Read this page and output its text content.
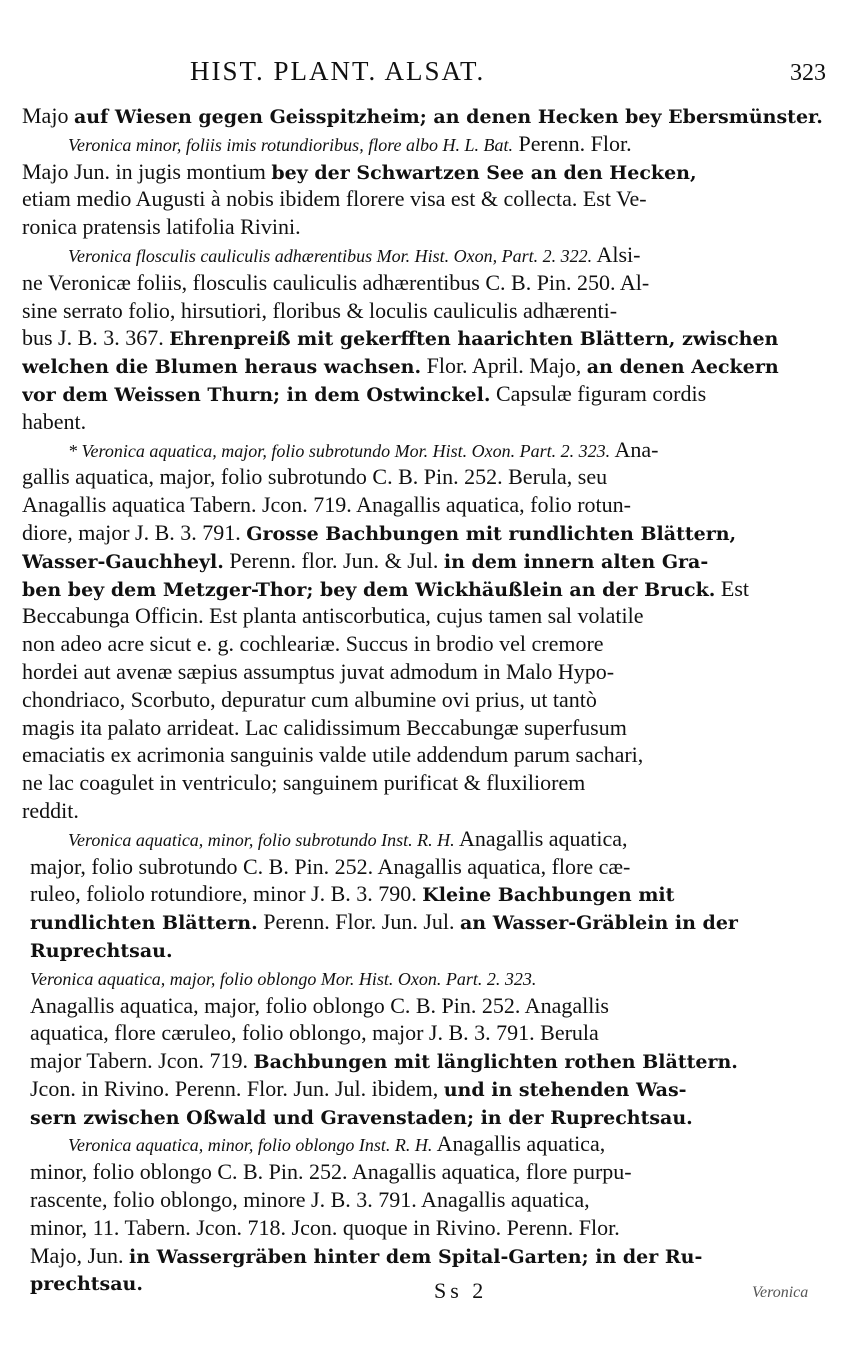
HIST. PLANT. ALSAT.	323
Majo auf Wiesen gegen Geisspitzheim; an denen Hecken bey Ebersmünster.
Veronica minor, foliis imis rotundioribus, flore albo H. L. Bat. Perenn. Flor.
Majo Jun. in jugis montium bey der Schwartzen See an den Hecken,
etiam medio Augusti à nobis ibidem florere visa est & collecta. Est Ve-
ronica pratensis latifolia Rivini.
Veronica flosculis cauliculis adhærentibus Mor. Hist. Oxon, Part. 2. 322. Alsi-
ne Veronicæ foliis, flosculis cauliculis adhærentibus C. B. Pin. 250. Al-
sine serrato folio, hirsutiori, floribus & loculis cauliculis adhærenti-
bus J. B. 3. 367. Ehrenpreiß mit gekerfften haarichten Blättern, zwischen
welchen die Blumen heraus wachsen. Flor. April. Majo, an denen Aeckern
vor dem Weissen Thurn; in dem Ostwinckel. Capsulæ figuram cordis
habent.
* Veronica aquatica, major, folio subrotundo Mor. Hist. Oxon. Part. 2. 323. Ana-
gallis aquatica, major, folio subrotundo C. B. Pin. 252. Berula, seu
Anagallis aquatica Tabern. Jcon. 719. Anagallis aquatica, folio rotun-
diore, major J. B. 3. 791. Grosse Bachbungen mit rundlichten Blättern,
Wasser-Gauchheyl. Perenn. flor. Jun. & Jul. in dem innern alten Gra-
ben bey dem Metzger-Thor; bey dem Wickhäußlein an der Bruck. Est
Beccabunga Officin. Est planta antiscorbutica, cujus tamen sal volatile
non adeo acre sicut e. g. cochleariæ. Succus in brodio vel cremore
hordei aut avenæ sæpius assumptus juvat admodum in Malo Hypo-
chondriaco, Scorbuto, depuratur cum albumine ovi prius, ut tantò
magis ita palato arrideat. Lac calidissimum Beccabungæ superfusum
emaciatis ex acrimonia sanguinis valde utile addendum parum sachari,
ne lac coagulet in ventriculo; sanguinem purificat & fluxiliorem
reddit.
Veronica aquatica, minor, folio subrotundo Inst. R. H. Anagallis aquatica,
major, folio subrotundo C. B. Pin. 252. Anagallis aquatica, flore cæ-
ruleo, foliolo rotundiore, minor J. B. 3. 790. Kleine Bachbungen mit
rundlichten Blättern. Perenn. Flor. Jun. Jul. an Wasser-Gräblein in der
Ruprechtsau.
Veronica aquatica, major, folio oblongo Mor. Hist. Oxon. Part. 2. 323.
Anagallis aquatica, major, folio oblongo C. B. Pin. 252. Anagallis
aquatica, flore cæruleo, folio oblongo, major J. B. 3. 791. Berula
major Tabern. Jcon. 719. Bachbungen mit länglichten rothen Blättern.
Jcon. in Rivino. Perenn. Flor. Jun. Jul. ibidem, und in stehenden Was-
sern zwischen Oßwald und Gravenstaden; in der Ruprechtsau.
Veronica aquatica, minor, folio oblongo Inst. R. H. Anagallis aquatica,
minor, folio oblongo C. B. Pin. 252. Anagallis aquatica, flore purpu-
rascente, folio oblongo, minore J. B. 3. 791. Anagallis aquatica,
minor, 11. Tabern. Jcon. 718. Jcon. quoque in Rivino. Perenn. Flor.
Majo, Jun. in Wassergräben hinter dem Spital-Garten; in der Ru-
prechtsau.	Ss 2	Veronica
